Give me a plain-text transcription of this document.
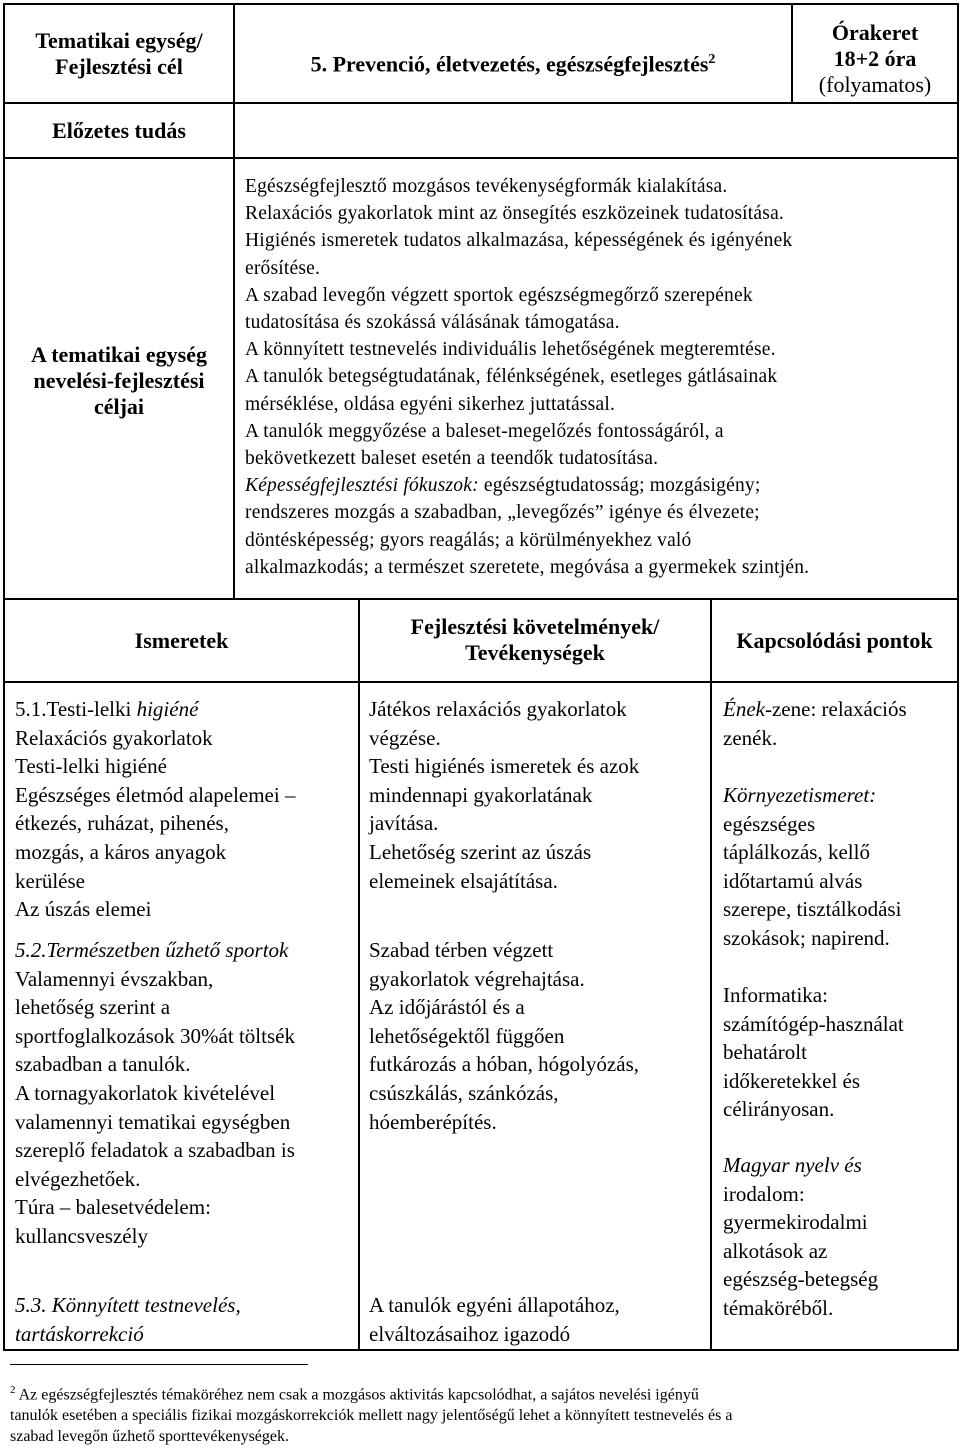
Tematikai egység/
Fejlesztési cél	5. Prevenció, életvezetés, egészségfejlesztés$^2$
Órakeret
18+2 óra
(folyamatos)
Előzetes tudás
A tematikai egység
nevelési-fejlesztési
céljai

Egészségfejlesztő mozgásos tevékenységformák kialakítása.

Relaxációs gyakorlatok mint az önsegítés eszközeinek tudatosítása.

Higiénés ismeretek tudatos alkalmazása, képességének és igényének

erősítése.

A szabad levegőn végzett sportok egészségmegőrző szerepének

tudatosítása és szokássá válásának támogatása.

A könnyített testnevelés individuális lehetőségének megteremtése.

A tanulók betegségtudatának, félénkségének, esetleges gátlásainak

mérséklése, oldása egyéni sikerhez juttatással.

A tanulók meggyőzése a baleset-megelőzés fontosságáról, a

bekövetkezett baleset esetén a teendők tudatosítása.

Képességfejlesztési fókuszok: egészségtudatosság; mozgásigény;

rendszeres mozgás a szabadban, „levegőzés” igénye és élvezete;

döntésképesség; gyors reagálás; a körülményekhez való

alkalmazkodás; a természet szeretete, megóvása a gyermekek szintjén.

Ismeretek
Fejlesztési követelmények/
Tevékenységek	Kapcsolódási pontok

5.1.Testi-lelki higiéné

Relaxációs gyakorlatok

Testi-lelki higiéné

Egészséges életmód alapelemei –

étkezés, ruházat, pihenés,

mozgás, a káros anyagok

kerülése

Az úszás elemei

5.2.Természetben űzhető sportok

Valamennyi évszakban,

lehetőség szerint a

sportfoglalkozások 30%át töltsék

szabadban a tanulók.

A tornagyakorlatok kivételével

valamennyi tematikai egységben

szereplő feladatok a szabadban is

elvégezhetőek.

Túra – balesetvédelem:

kullancsveszély

5.3. Könnyített testnevelés,

tartáskorrekció

Játékos relaxációs gyakorlatok

végzése.

Testi higiénés ismeretek és azok

mindennapi gyakorlatának

javítása.

Lehetőség szerint az úszás

elemeinek elsajátítása.

Szabad térben végzett

gyakorlatok végrehajtása.

Az időjárástól és a

lehetőségektől függően

futkározás a hóban, hógolyózás,

csúszkálás, szánkózás,

hóemberépítés.

A tanulók egyéni állapotához,

elváltozásaihoz igazodó

Ének-zene: relaxációs

zenék.

Környezetismeret:

egészséges

táplálkozás, kellő

időtartamú alvás

szerepe, tisztálkodási

szokások; napirend.

Informatika:

számítógép-használat

behatárolt

időkeretekkel és

célirányosan.

Magyar nyelv és

irodalom:

gyermekirodalmi

alkotások az

egészség-betegség

témaköréből.

$^2$ Az egészségfejlesztés témaköréhez nem csak a mozgásos aktivitás kapcsolódhat, a sajátos nevelési igényű

tanulók esetében a speciális fizikai mozgáskorrekciók mellett nagy jelentőségű lehet a könnyített testnevelés és a

szabad levegőn űzhető sporttevékenységek.
